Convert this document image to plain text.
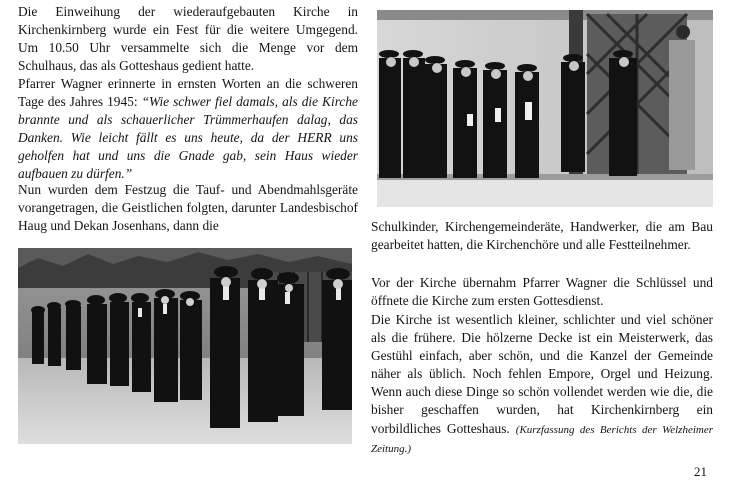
Die Einweihung der wiederaufgebauten Kirche in Kirchenkirnberg wurde ein Fest für die weitere Umgegend. Um 10.50 Uhr versammelte sich die Menge vor dem Schulhaus, das als Gotteshaus gedient hatte.

Pfarrer Wagner erinnerte in ernsten Worten an die schweren Tage des Jahres 1945: “Wie schwer fiel damals, als die Kirche brannte und als schauerlicher Trümmerhaufen dalag, das Danken. Wie leicht fällt es uns heute, da der HERR uns geholfen hat und uns die Gnade gab, sein Haus wieder aufbauen zu dürfen.”

Nun wurden dem Festzug die Tauf- und Abendmahlsgeräte vorangetragen, die Geistlichen folgten, darunter Landesbischof Haug und Dekan Josenhans, dann die	Schulkinder, Kirchengemeinderäte, Handwerker, die am Bau gearbeitet hatten, die Kirchenchöre und alle Festteilnehmer.

Vor der Kirche übernahm Pfarrer Wagner die Schlüssel und öffnete die Kirche zum ersten Gottesdienst.

Die Kirche ist wesentlich kleiner, schlichter und viel schöner als die frühere. Die hölzerne Decke ist ein Meisterwerk, das Gestühl einfach, aber schön, und die Kanzel der Gemeinde näher als üblich. Noch fehlen Empore, Orgel und Heizung. Wenn auch diese Dinge so schön vollendet werden wie die, die bisher geschaffen wurden, hat Kirchenkirnberg ein vorbildliches Gotteshaus. (Kurzfassung des Berichts der Welzheimer Zeitung.)

21
